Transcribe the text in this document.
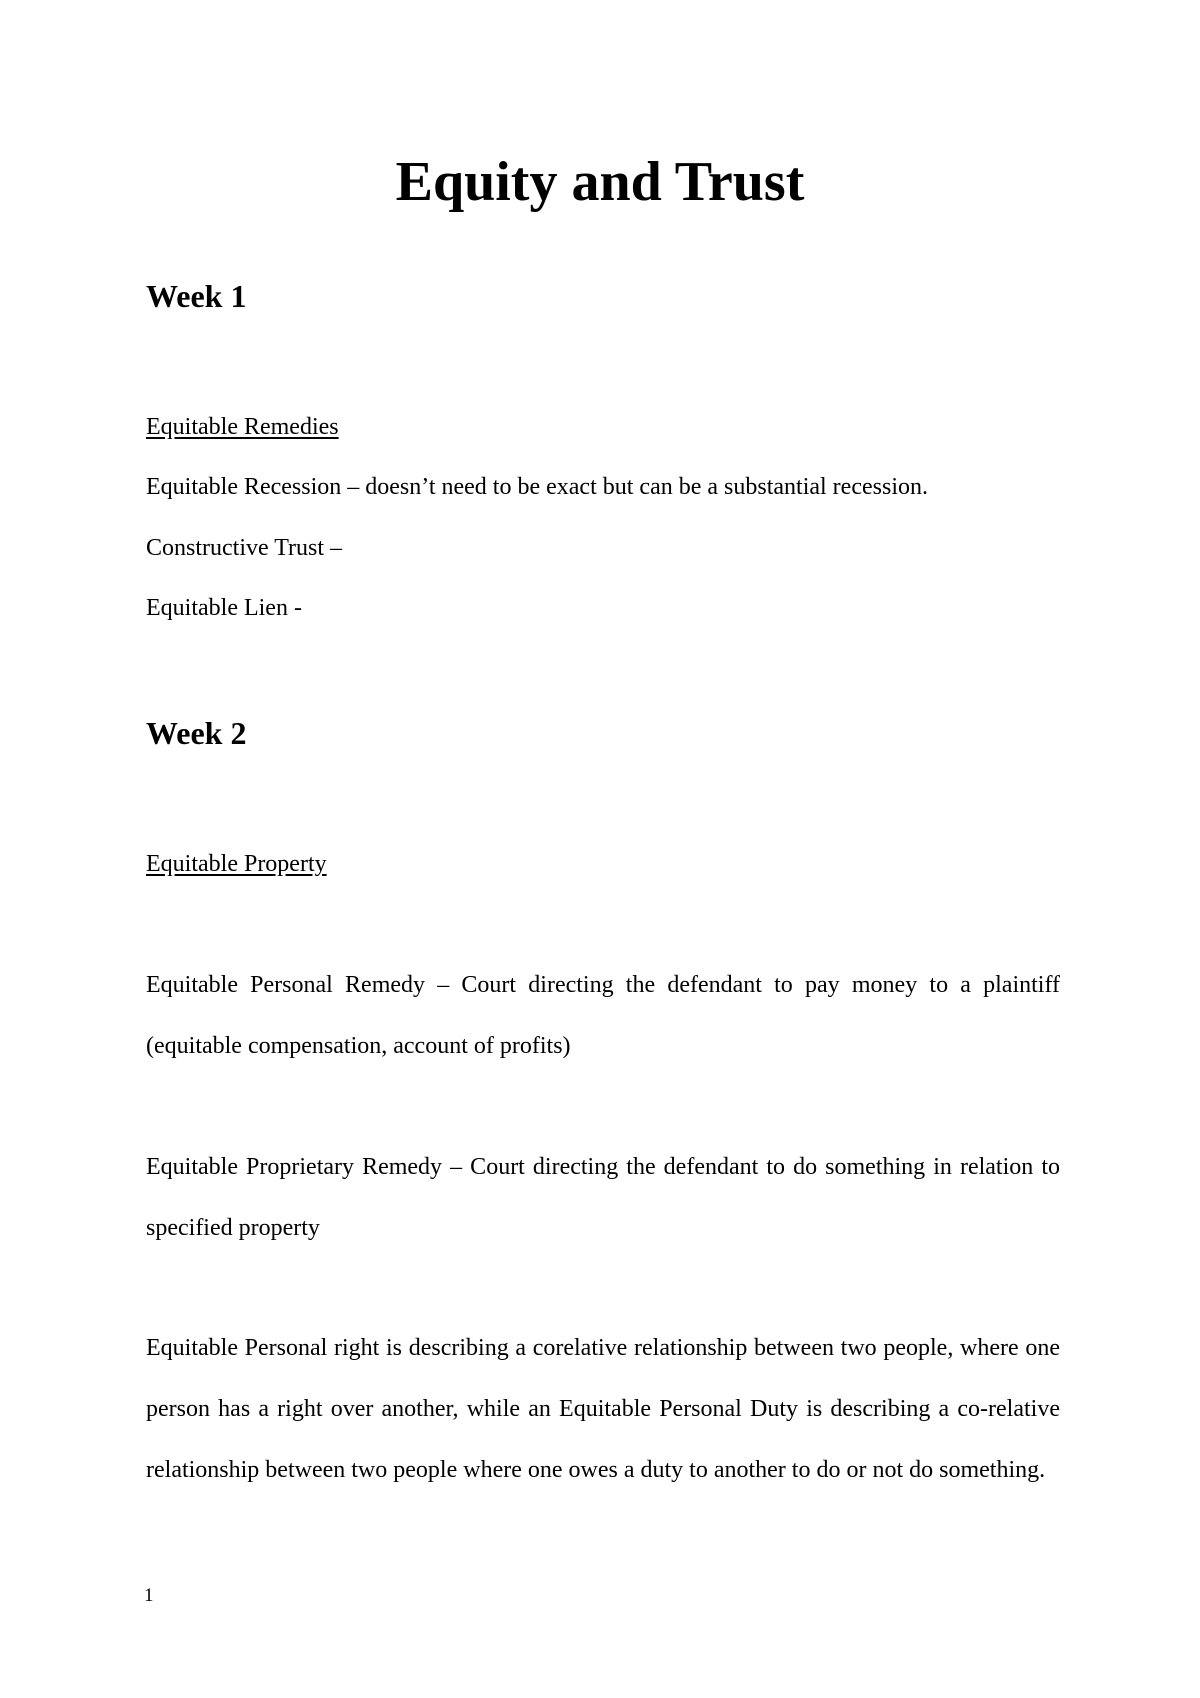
Equity and Trust
Week 1
Equitable Remedies
Equitable Recession – doesn’t need to be exact but can be a substantial recession.
Constructive Trust –
Equitable Lien -
Week 2
Equitable Property

Equitable Personal Remedy – Court directing the defendant to pay money to a plaintiff (equitable compensation, account of profits)

Equitable Proprietary Remedy – Court directing the defendant to do something in relation to specified property

Equitable Personal right is describing a corelative relationship between two people, where one person has a right over another, while an Equitable Personal Duty is describing a co-relative relationship between two people where one owes a duty to another to do or not do something.

1
